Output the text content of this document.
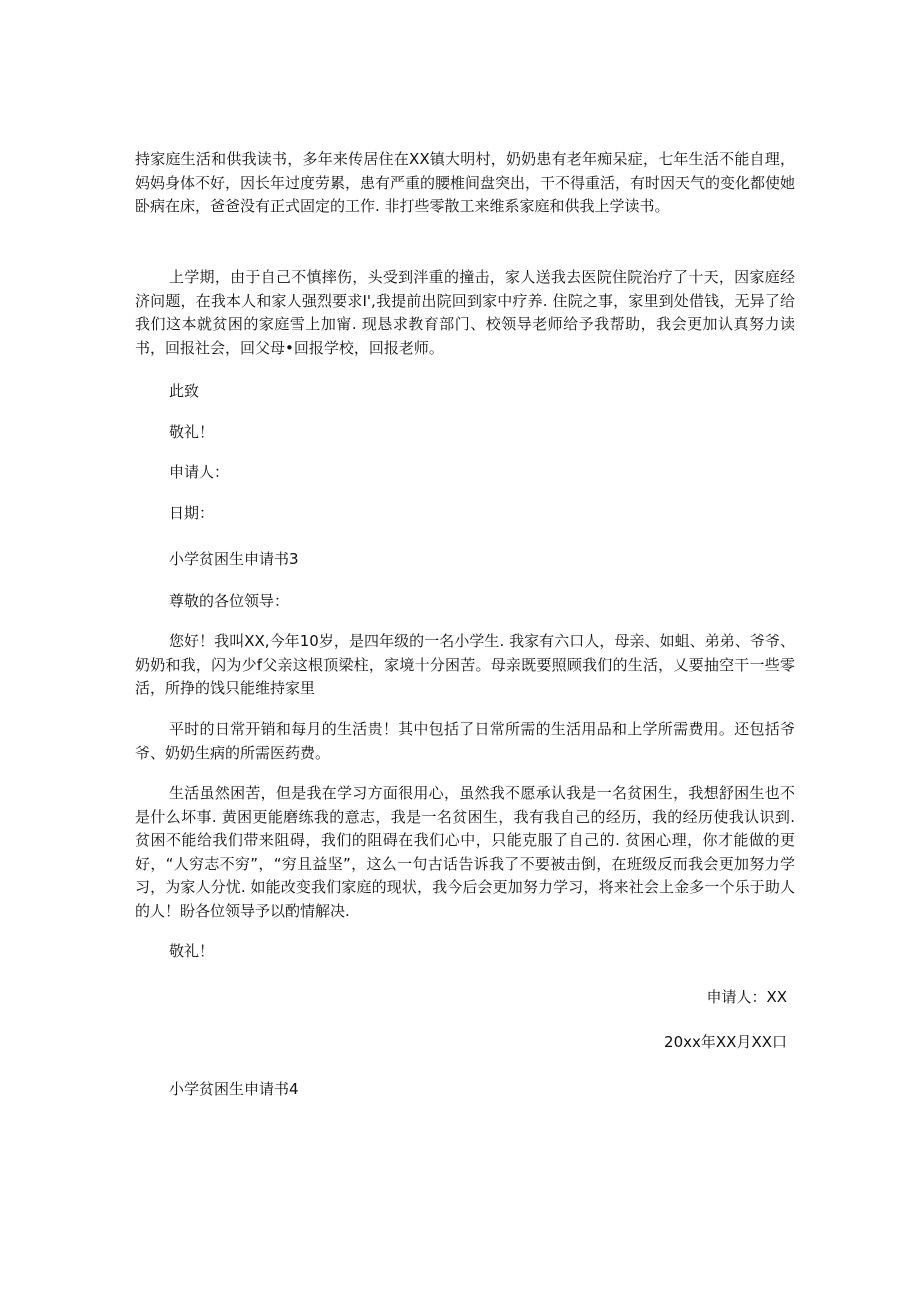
持家庭生活和供我读书，多年来传居住在XX镇大明村，奶奶患有老年痴呆症，七年生活不能自理，妈妈身体不好，因长年过度劳累，患有严重的腰椎间盘突出，干不得重活，有时因天气的变化都使她卧病在床，爸爸没有正式固定的工作. 非打些零散工来维系家庭和供我上学读书。

上学期，由于自己不慎摔伤，头受到泮重的撞击，家人送我去医院住院治疗了十天，因家庭经济问题，在我本人和家人强烈要求I',我提前出院回到家中疗养. 住院之事，家里到处借钱，无异了给我们这本就贫困的家庭雪上加甯. 现恳求教育部门、校领导老师给予我帮助，我会更加认真努力读书，回报社会，回父母•回报学校，回报老师。

此致

敬礼！

申请人：

日期：

小学贫困生申请书3

尊敬的各位领导：

您好！我叫XX,今年10岁，是四年级的一名小学生. 我家有六口人，母亲、如蛆、弟弟、爷爷、奶奶和我，闪为少f父亲这根顶梁柱，家境十分困苦。母亲既要照顾我们的生活，乂要抽空干一些零活，所挣的饯只能维持家里

平时的日常开销和每月的生活贵！其中包括了日常所需的生活用品和上学所需费用。还包括爷爷、奶奶生病的所需医药费。

生活虽然困苦，但是我在学习方面很用心，虽然我不愿承认我是一名贫困生，我想舒困生也不是什么坏事. 黄困更能磨练我的意志，我是一名贫困生，我有我自己的经历，我的经历使我认识到. 贫困不能给我们带来阻碍，我们的阻碍在我们心中，只能克服了自己的. 贫困心理，你才能做的更好，“人穷志不穷”，“穷且益坚”，这么一句古话告诉我了不要被击倒，在班级反而我会更加努力学习，为家人分忧. 如能改变我们家庭的现状，我今后会更加努力学习，将来社会上金多一个乐于助人的人！盼各位领导予以酌情解决.

敬礼！

申请人：XX

20xx年XX月XX口

小学贫困生申请书4
